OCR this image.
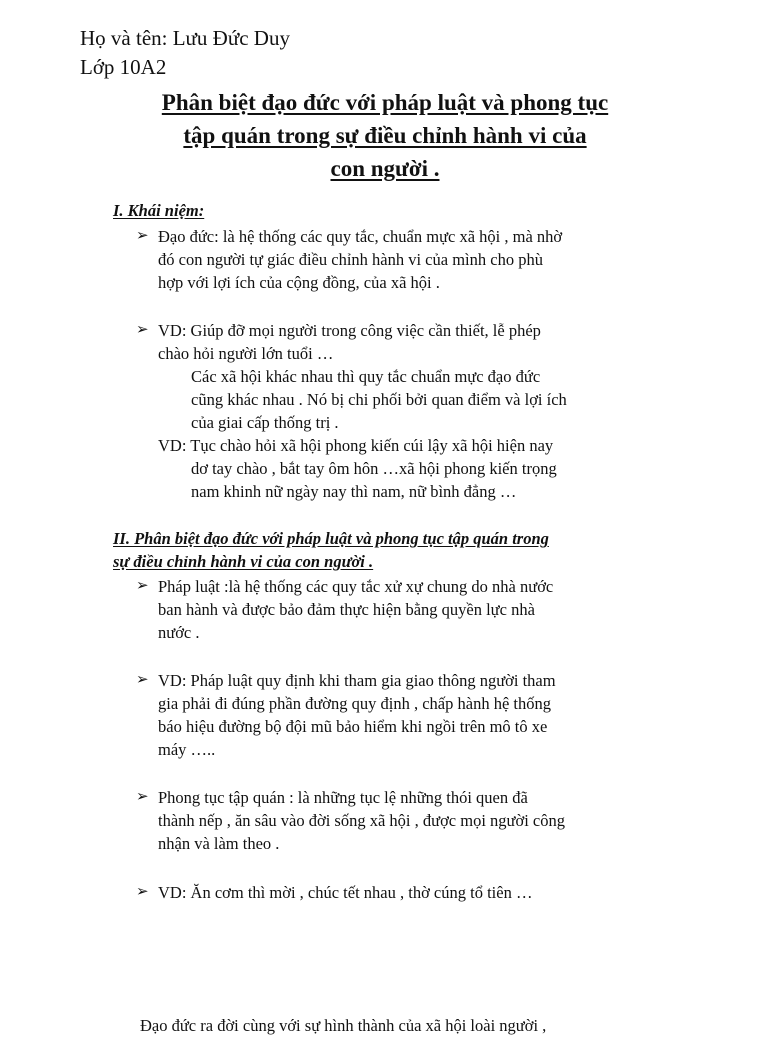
Họ và tên: Lưu Đức Duy
Lớp 10A2
Phân biệt đạo đức với pháp luật và phong tục
tập quán trong sự điều chỉnh hành vi của
con người .
I. Khái niệm:
➢ Đạo đức: là hệ thống các quy tắc, chuẩn mực xã hội , mà nhờ
đó con người tự giác điều chỉnh hành vi của mình cho phù
hợp với lợi ích của cộng đồng, của xã hội .
➢ VD: Giúp đỡ mọi người trong công việc cần thiết, lễ phép
chào hỏi người lớn tuổi …
Các xã hội khác nhau thì quy tắc chuẩn mực đạo đức
cũng khác nhau . Nó bị chi phối bởi quan điểm và lợi ích
của giai cấp thống trị .
VD: Tục chào hỏi xã hội phong kiến cúi lậy xã hội hiện nay
dơ tay chào , bắt tay ôm hôn …xã hội phong kiến trọng
nam khinh nữ ngày nay thì nam, nữ bình đẳng …
II. Phân biệt đạo đức với pháp luật và phong tục tập quán trong
sự điều chỉnh hành vi của con người .
➢ Pháp luật :là hệ thống các quy tắc xử xự chung do nhà nước
ban hành và được bảo đảm thực hiện bằng quyền lực nhà
nước .
➢ VD: Pháp luật quy định khi tham gia giao thông người tham
gia phải đi đúng phần đường quy định , chấp hành hệ thống
báo hiệu đường bộ đội mũ bảo hiểm khi ngồi trên mô tô xe
máy …..
➢ Phong tục tập quán : là những tục lệ những thói quen đã
thành nếp , ăn sâu vào đời sống xã hội , được mọi người công
nhận và làm theo .
➢ VD: Ăn cơm thì mời , chúc tết nhau , thờ cúng tổ tiên …
Đạo đức ra đời cùng với sự hình thành của xã hội loài người ,
